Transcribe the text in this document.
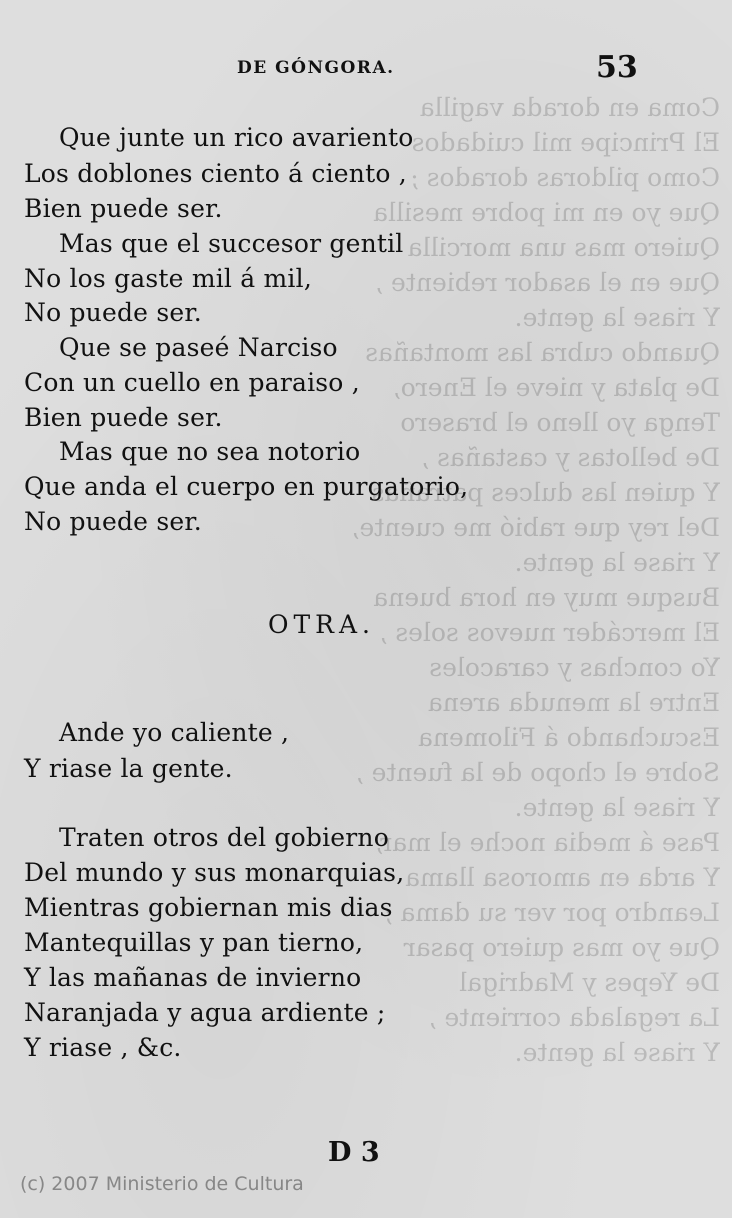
Coma en dorada vagilla
El Principe mil cuidados
Como pildoras dorados ;
Que yo en mi pobre mesilla
Quiero mas una morcilla
Que en el asador rebiente ,
Y riase la gente.
Quando cubra las montañas
De plata y nieve el Enero,
Tenga yo lleno el brasero
De bellotas y castañas ,
Y quien las dulces patrañas
Del rey que rabió me cuente,
Y riase la gente.
Busque muy en hora buena
El mercáder nuevos soles ,
Yo conchas y caracoles
Entre la menuda arena
Escuchando á Filomena
Sobre el chopo de la fuente ,
Y riase la gente.
Pase á media noche el mar,
Y arda en amorosa llama
Leandro por ver su dama ;
Que yo mas quiero pasar
De Yepes y Madrigal
La regalada corriente ,
Y riase la gente.
DE GÓNGORA.	53
Que junte un rico avariento
Los doblones ciento á ciento ,
Bien puede ser.
Mas que el succesor gentil
No los gaste mil á mil,
No puede ser.
Que se paseé Narciso
Con un cuello en paraiso ,
Bien puede ser.
Mas que no sea notorio
Que anda el cuerpo en purgatorio,
No puede ser.
OTRA.
Ande yo caliente ,
Y riase la gente.
Traten otros del gobierno
Del mundo y sus monarquias,
Mientras gobiernan mis dias
Mantequillas y pan tierno,
Y las mañanas de invierno
Naranjada y agua ardiente ;
Y riase , &c.
D 3
(c) 2007 Ministerio de Cultura
